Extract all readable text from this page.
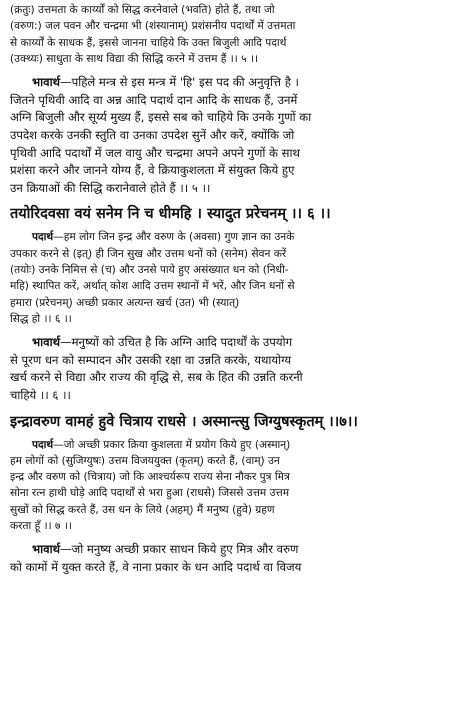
(क्रतुः) उत्तमता के कार्य्यों को सिद्ध करनेवाले (भवति) होते हैं, तथा जो
(वरुण:) जल पवन और चन्द्रमा भी (शंस्यानाम्) प्रशंसनीय पदार्थों में उत्तमता
से कार्य्यों के साधक हैं, इससे जानना चाहिये कि उक्त बिजुली आदि पदार्थ
(उक्थ्यः) साधुता के साथ विद्या की सिद्धि करने में उत्तम हैं ।। ५ ।।
भावार्थ—पहिले मन्त्र से इस मन्त्र में 'हि' इस पद की अनुवृत्ति है ।
जितने पृथिवी आदि वा अन्न आदि पदार्थ दान आदि के साधक हैं, उनमें
अग्नि बिजुली और सूर्य्य मुख्य हैं, इससे सब को चाहिये कि उनके गुणों का
उपदेश करके उनकी स्तुति वा उनका उपदेश सुनें और करें, क्योंकि जो
पृथिवी आदि पदार्थों में जल वायु और चन्द्रमा अपने अपने गुणों के साथ
प्रशंसा करने और जानने योग्य हैं, वे क्रियाकुशलता में संयुक्त किये हुए
उन क्रियाओं की सिद्धि करानेवाले होते हैं ।। ५ ।।
तयोरिदवसा वयं सनेम नि च धीमहि । स्यादुत प्ररेचनम् ।। ६ ।।
पदार्थ—हम लोग जिन इन्द्र और वरुण के (अवसा) गुण ज्ञान का उनके
उपकार करने से (इत्) ही जिन सुख और उत्तम धनों को (सनेम) सेवन करें
(तयोः) उनके निमित्त से (च) और उनसे पाये हुए असंख्यात धन को (निधी-
महि) स्थापित करें, अर्थात् कोश आदि उत्तम स्थानों में भरें, और जिन धनों से
हमारा (प्ररेचनम्) अच्छी प्रकार अत्यन्त खर्च (उत) भी (स्यात्)
सिद्ध हो ।। ६ ।।
भावार्थ—मनुष्यों को उचित है कि अग्नि आदि पदार्थों के उपयोग
से पूरण धन को सम्पादन और उसकी रक्षा वा उन्नति करके, यथायोग्य
खर्च करने से विद्या और राज्य की वृद्धि से, सब के हित की उन्नति करनी
चाहिये ।। ६ ।।
इन्द्रावरुण वामहं हुवे चित्राय राधसे । अस्मान्त्सु जिग्युषस्कृतम् ।।७।।
पदार्थ—जो अच्छी प्रकार क्रिया कुशलता में प्रयोग किये हुए (अस्मान्)
हम लोगों को (सुजिग्युषः) उत्तम विजययुक्त (कृतम्) करते हैं, (वाम्) उन
इन्द्र और वरुण को (चित्राय) जो कि आश्चर्यरूप राज्य सेना नौकर पुत्र मित्र
सोना रत्न हाथी घोड़े आदि पदार्थों से भरा हुआ (राधसे) जिससे उत्तम उत्तम
सुखों को सिद्ध करते हैं, उस धन के लिये (अहम्) मैं मनुष्य (हुवे) ग्रहण
करता हूँ ।। ७ ।।
भावार्थ—जो मनुष्य अच्छी प्रकार साधन किये हुए मित्र और वरुण
को कामों में युक्त करते हैं, वे नाना प्रकार के धन आदि पदार्थ वा विजय
